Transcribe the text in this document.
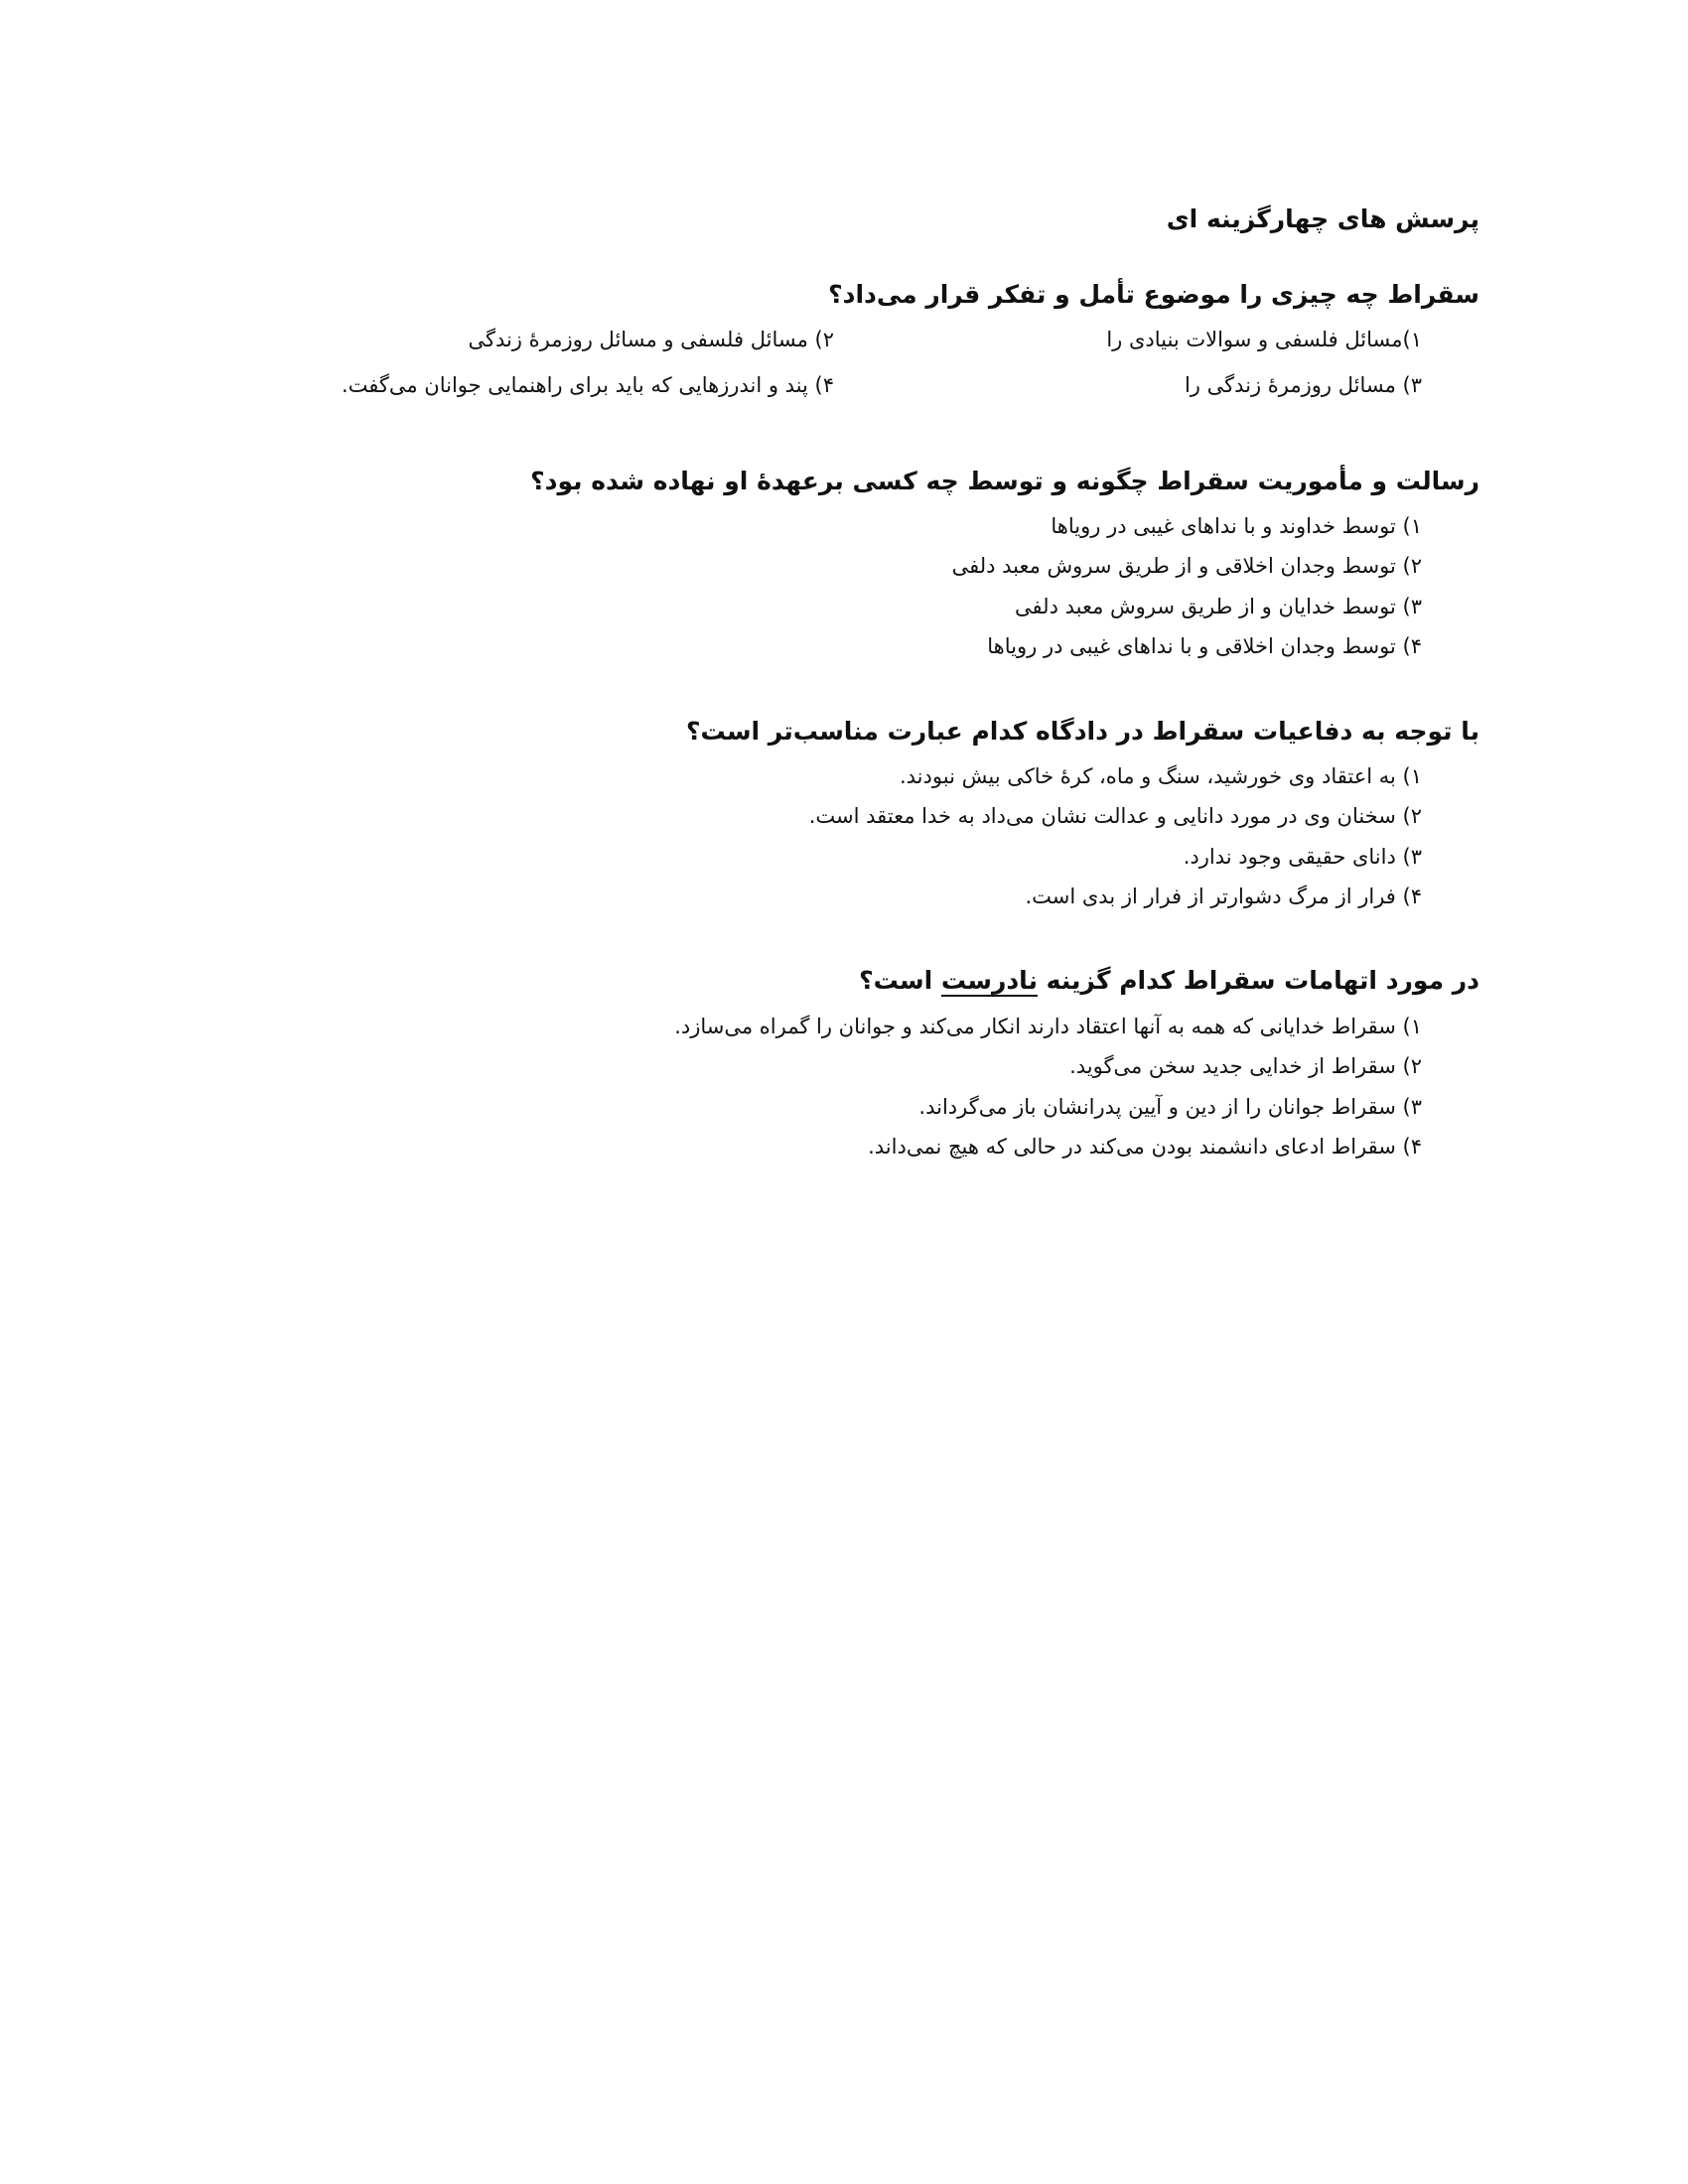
پرسش های چهارگزینه ای
سقراط چه چیزی را موضوع تأمل و تفکر قرار می‌داد؟
۱)مسائل فلسفی و سوالات بنیادی را
۲) مسائل فلسفی و مسائل روزمرهٔ زندگی
۳) مسائل روزمرهٔ زندگی را
۴) پند و اندرزهایی که باید برای راهنمایی جوانان می‌گفت.
رسالت و مأموریت سقراط چگونه و توسط چه کسی برعهدهٔ او نهاده شده بود؟
۱) توسط خداوند و با نداهای غیبی در رویاها
۲) توسط وجدان اخلاقی و از طریق سروش معبد دلفی
۳) توسط خدایان و از طریق سروش معبد دلفی
۴) توسط وجدان اخلاقی و با نداهای غیبی در رویاها
با توجه به دفاعیات سقراط در دادگاه کدام عبارت مناسب‌تر است؟
۱) به اعتقاد وی خورشید، سنگ و ماه، کرهٔ خاکی بیش نبودند.
۲) سخنان وی در مورد دانایی و عدالت نشان می‌داد به خدا معتقد است.
۳) دانای حقیقی وجود ندارد.
۴) فرار از مرگ دشوارتر از فرار از بدی است.
در مورد اتهامات سقراط کدام گزینه نادرست است؟
۱) سقراط خدایانی که همه به آنها اعتقاد دارند انکار می‌کند و جوانان را گمراه می‌سازد.
۲) سقراط از خدایی جدید سخن می‌گوید.
۳) سقراط جوانان را از دین و آیین پدرانشان باز می‌گرداند.
۴) سقراط ادعای دانشمند بودن می‌کند در حالی که هیچ نمی‌داند.
